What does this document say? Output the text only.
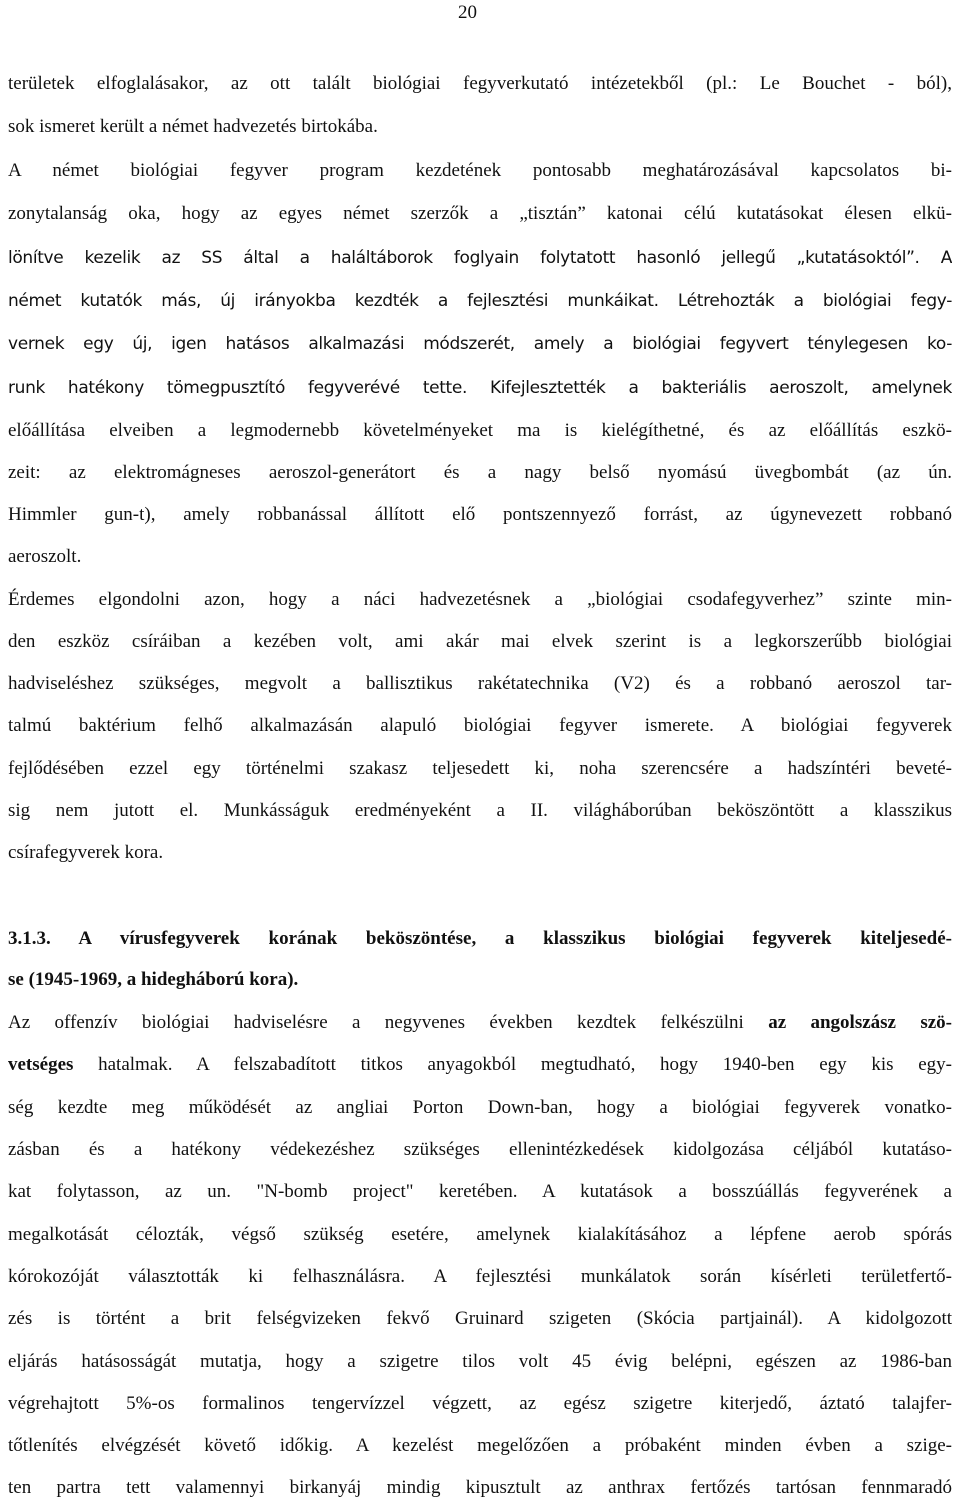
20
területek elfoglalásakor, az ott talált biológiai fegyverkutató intézetekből (pl.: Le Bouchet - ból),
sok ismeret került a német hadvezetés birtokába.
A német biológiai fegyver program kezdetének pontosabb meghatározásával kapcsolatos bi-
zonytalanság oka, hogy az egyes német szerzők a „tisztán” katonai célú kutatásokat élesen elkü-
lönítve kezelik az SS által a haláltáborok foglyain folytatott hasonló jellegű „kutatásoktól”. A
német kutatók más, új irányokba kezdték a fejlesztési munkáikat. Létrehozták a biológiai fegy-
vernek egy új, igen hatásos alkalmazási módszerét, amely a biológiai fegyvert ténylegesen ko-
runk hatékony tömegpusztító fegyverévé tette. Kifejlesztették a bakteriális aeroszolt, amelynek
előállítása elveiben a legmodernebb követelményeket ma is kielégíthetné, és az előállítás eszkö-
zeit: az elektromágneses aeroszol-generátort és a nagy belső nyomású üvegbombát (az ún.
Himmler gun-t), amely robbanással állított elő pontszennyező forrást, az úgynevezett robbanó
aeroszolt.
Érdemes elgondolni azon, hogy a náci hadvezetésnek a „biológiai csodafegyverhez” szinte min-
den eszköz csíráiban a kezében volt, ami akár mai elvek szerint is a legkorszerűbb biológiai
hadviseléshez szükséges, megvolt a ballisztikus rakétatechnika (V2) és a robbanó aeroszol tar-
talmú baktérium felhő alkalmazásán alapuló biológiai fegyver ismerete. A biológiai fegyverek
fejlődésében ezzel egy történelmi szakasz teljesedett ki, noha szerencsére a hadszíntéri beveté-
sig nem jutott el. Munkásságuk eredményeként a II. világháborúban beköszöntött a klasszikus
csírafegyverek kora.
3.1.3. A vírusfegyverek korának beköszöntése, a klasszikus biológiai fegyverek kiteljesedé-
se (1945-1969, a hidegháború kora).
Az offenzív biológiai hadviselésre a negyvenes években kezdtek felkészülni az angolszász szö-
vetséges hatalmak. A felszabadított titkos anyagokból megtudható, hogy 1940-ben egy kis egy-
ség kezdte meg működését az angliai Porton Down-ban, hogy a biológiai fegyverek vonatko-
zásban és a hatékony védekezéshez szükséges ellenintézkedések kidolgozása céljából kutatáso-
kat folytasson, az un. "N-bomb project" keretében. A kutatások a bosszúállás fegyverének a
megalkotását célozták, végső szükség esetére, amelynek kialakításához a lépfene aerob spórás
kórokozóját választották ki felhasználásra. A fejlesztési munkálatok során kísérleti területfertő-
zés is történt a brit felségvizeken fekvő Gruinard szigeten (Skócia partjainál). A kidolgozott
eljárás hatásosságát mutatja, hogy a szigetre tilos volt 45 évig belépni, egészen az 1986-ban
végrehajtott 5%-os formalinos tengervízzel végzett, az egész szigetre kiterjedő, áztató talajfer-
tőtlenítés elvégzését követő időkig. A kezelést megelőzően a próbaként minden évben a szige-
ten partra tett valamennyi birkanyáj mindig kipusztult az anthrax fertőzés tartósan fennmaradó
